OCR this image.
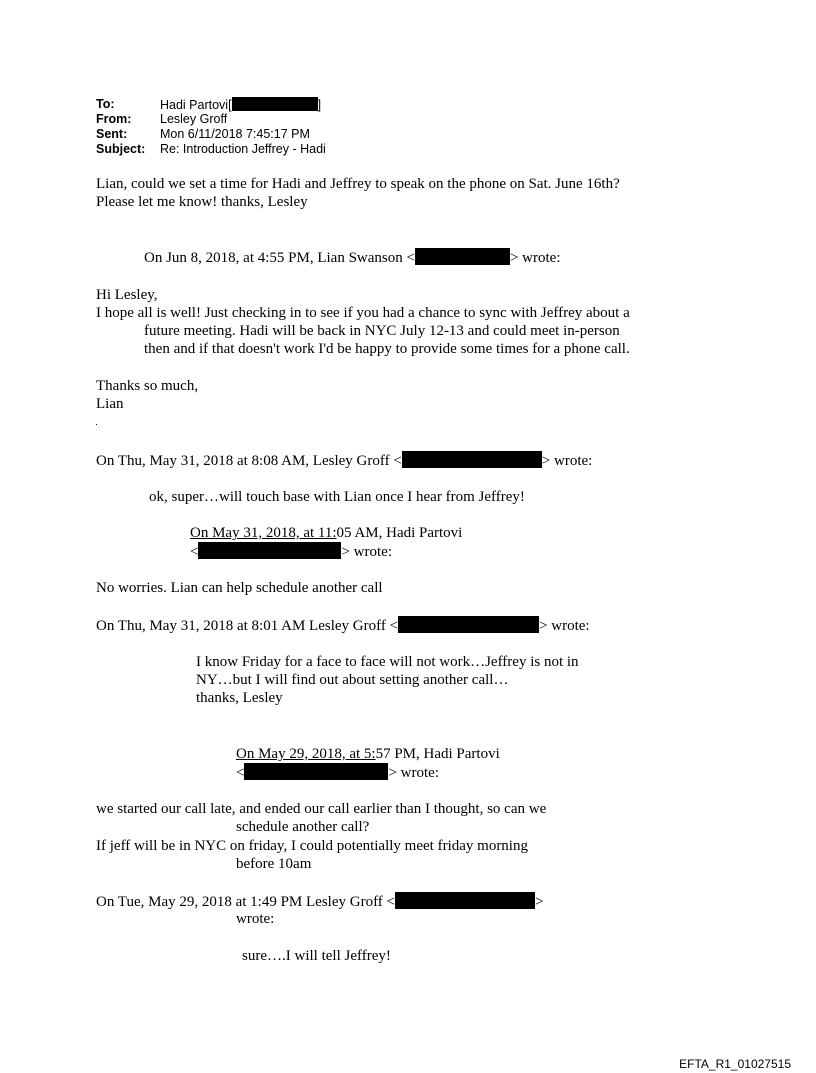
To:	Hadi Partovi[	]
From: Lesley Groff
Sent:	Mon 6/11/2018 7:45:17 PM
Subject: Re: Introduction Jeffrey - Hadi
Lian, could we set a time for Hadi and Jeffrey to speak on the phone on Sat. June 16th?
Please let me know! thanks, Lesley
On Jun 8, 2018, at 4:55 PM, Lian Swanson <	> wrote:
Hi Lesley,
I hope all is well! Just checking in to see if you had a chance to sync with Jeffrey about a
future meeting. Hadi will be back in NYC July 12-13 and could meet in-person
then and if that doesn't work I'd be happy to provide some times for a phone call.
Thanks so much,
Lian
On Thu, May 31, 2018 at 8:08 AM, Lesley Groff <	> wrote:
ok, super…will touch base with Lian once I hear from Jeffrey!
On May 31, 2018, at 11:05 AM, Hadi Partovi
<	> wrote:
No worries. Lian can help schedule another call
On Thu, May 31, 2018 at 8:01 AM Lesley Groff <	> wrote:
I know Friday for a face to face will not work…Jeffrey is not in
NY…but I will find out about setting another call…
thanks, Lesley
On May 29, 2018, at 5:57 PM, Hadi Partovi
<	> wrote:
we started our call late, and ended our call earlier than I thought, so can we
schedule another call?
If jeff will be in NYC on friday, I could potentially meet friday morning
before 10am
On Tue, May 29, 2018 at 1:49 PM Lesley Groff <	>
wrote:
sure….I will tell Jeffrey!
EFTA_R1_01027515
